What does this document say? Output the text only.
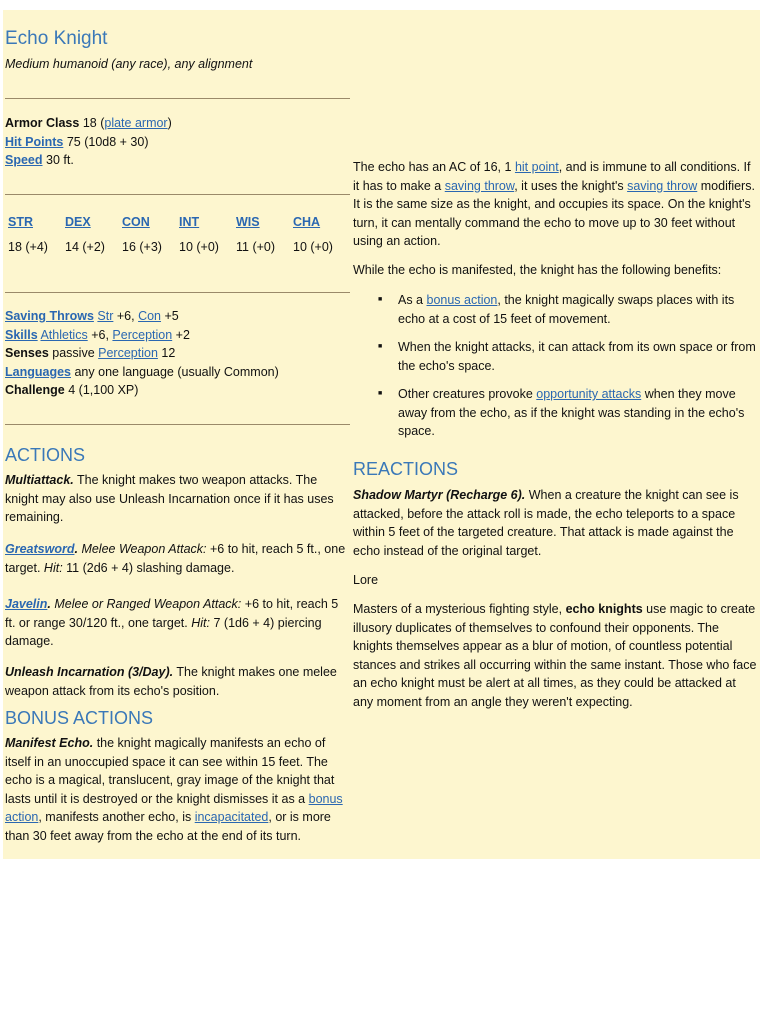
Echo Knight
Medium humanoid (any race), any alignment
Armor Class 18 (plate armor)
Hit Points 75 (10d8 + 30)
Speed 30 ft.
STR
18 (+4)
DEX
14 (+2)
CON
16 (+3)
INT
10 (+0)
WIS
11 (+0)
CHA
10 (+0)
Saving Throws Str +6, Con +5
Skills Athletics +6, Perception +2
Senses passive Perception 12
Languages any one language (usually Common)
Challenge 4 (1,100 XP)
ACTIONS

Multiattack. The knight makes two weapon attacks. The knight may also use Unleash Incarnation once if it has uses remaining.

Greatsword. Melee Weapon Attack: +6 to hit, reach 5 ft., one target. Hit: 11 (2d6 + 4) slashing damage.

Javelin. Melee or Ranged Weapon Attack: +6 to hit, reach 5 ft. or range 30/120 ft., one target. Hit: 7 (1d6 + 4) piercing damage.

Unleash Incarnation (3/Day). The knight makes one melee weapon attack from its echo's position.

BONUS ACTIONS

Manifest Echo. the knight magically manifests an echo of itself in an unoccupied space it can see within 15 feet. The echo is a magical, translucent, gray image of the knight that lasts until it is destroyed or the knight dismisses it as a bonus action, manifests another echo, is incapacitated, or is more than 30 feet away from the echo at the end of its turn.

The echo has an AC of 16, 1 hit point, and is immune to all conditions. If it has to make a saving throw, it uses the knight's saving throw modifiers. It is the same size as the knight, and occupies its space. On the knight's turn, it can mentally command the echo to move up to 30 feet without using an action.

While the echo is manifested, the knight has the following benefits:

■ As a bonus action, the knight magically swaps places with its echo at a cost of 15 feet of movement.
■ When the knight attacks, it can attack from its own space or from the echo's space.
■ Other creatures provoke opportunity attacks when they move away from the echo, as if the knight was standing in the echo's space.
REACTIONS

Shadow Martyr (Recharge 6). When a creature the knight can see is attacked, before the attack roll is made, the echo teleports to a space within 5 feet of the targeted creature. That attack is made against the echo instead of the original target.

Lore

Masters of a mysterious fighting style, echo knights use magic to create illusory duplicates of themselves to confound their opponents. The knights themselves appear as a blur of motion, of countless potential stances and strikes all occurring within the same instant. Those who face an echo knight must be alert at all times, as they could be attacked at any moment from an angle they weren't expecting.
